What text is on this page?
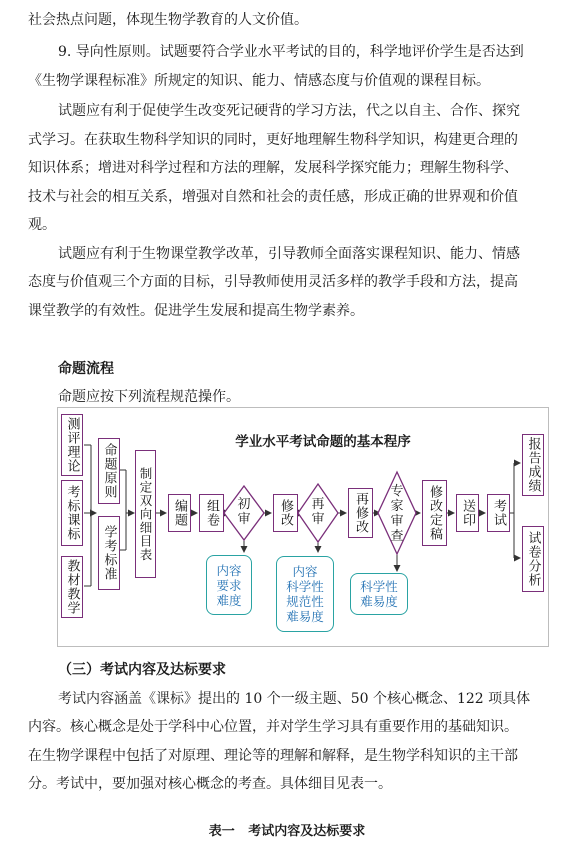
社会热点问题，体现生物学教育的人文价值。
9. 导向性原则。试题要符合学业水平考试的目的，科学地评价学生是否达到
《生物学课程标准》所规定的知识、能力、情感态度与价值观的课程目标。
试题应有利于促使学生改变死记硬背的学习方法，代之以自主、合作、探究
式学习。在获取生物科学知识的同时，更好地理解生物科学知识，构建更合理的
知识体系；增进对科学过程和方法的理解，发展科学探究能力；理解生物科学、
技术与社会的相互关系，增强对自然和社会的责任感，形成正确的世界观和价值
观。
试题应有利于生物课堂教学改革，引导教师全面落实课程知识、能力、情感
态度与价值观三个方面的目标，引导教师使用灵活多样的教学手段和方法，提高
课堂教学的有效性。促进学生发展和提高生物学素养。
命题流程
命题应按下列流程规范操作。
学业水平考试命题的基本程序
测评理论
考标课标
教材教学
命题原则
学考标准 制定双向细目表	编题	组卷	初审	修改	再审	再修改
专家审查	修改定稿	送印	考试
报告成绩
试卷分析
内容
要求
难度
内容
科学性
规范性
难易度
科学性
难易度
（三）考试内容及达标要求
考试内容涵盖《课标》提出的 10 个一级主题、50 个核心概念、122 项具体
内容。核心概念是处于学科中心位置，并对学生学习具有重要作用的基础知识。
在生物学课程中包括了对原理、理论等的理解和解释，是生物学科知识的主干部
分。考试中，要加强对核心概念的考查。具体细目见表一。
表一   考试内容及达标要求
